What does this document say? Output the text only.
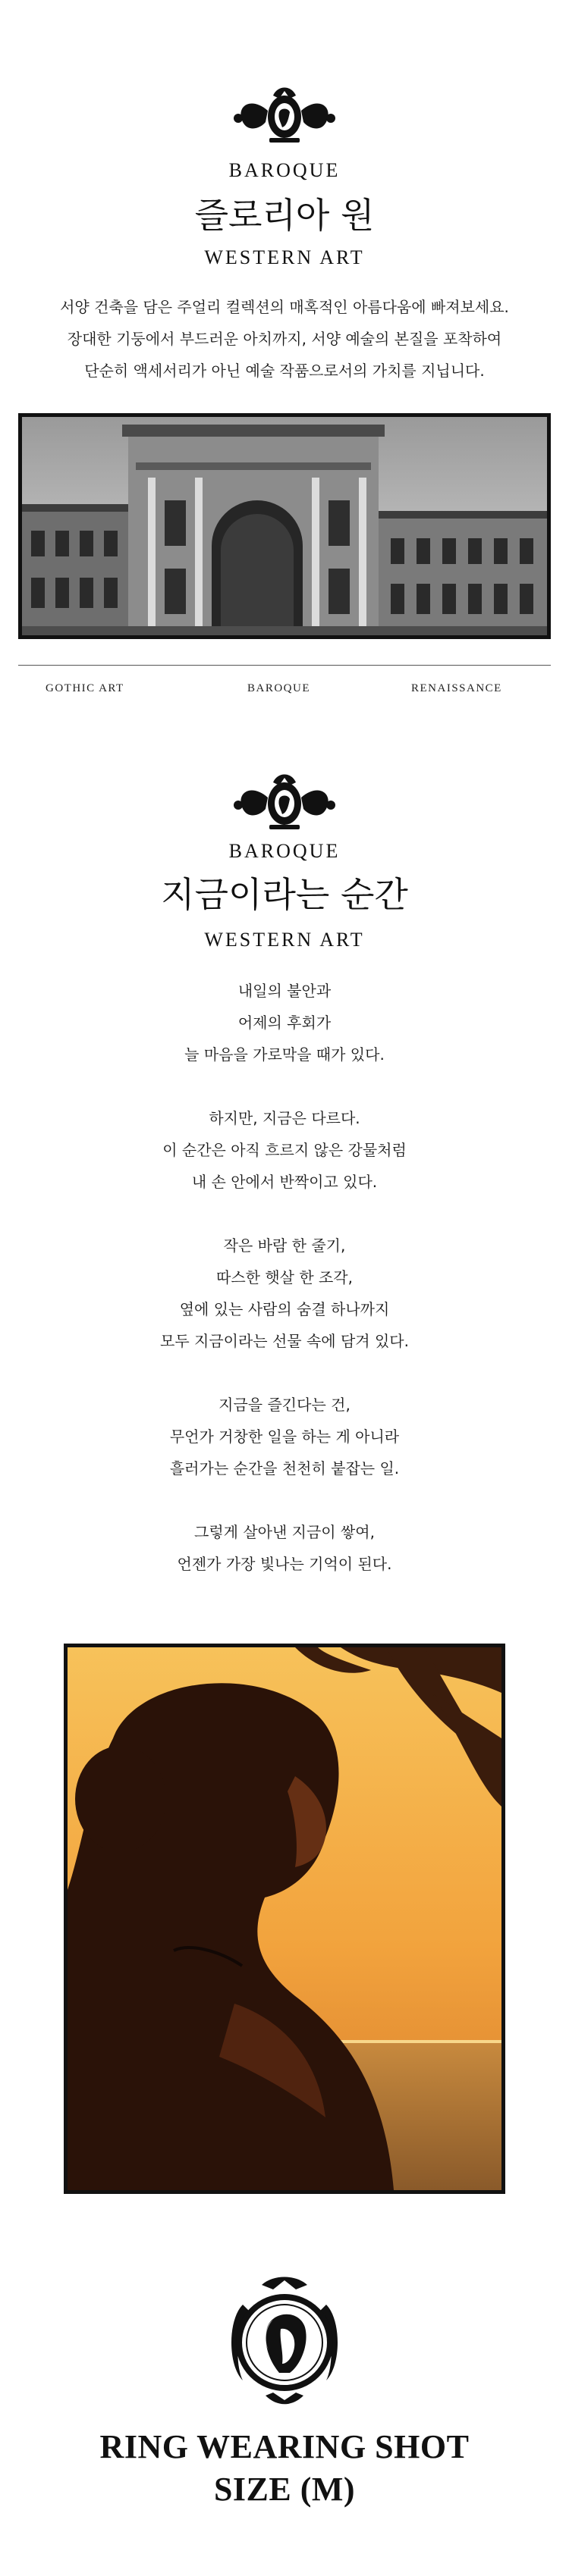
BAROQUE
즐로리아 원
WESTERN ART
서양 건축을 담은 주얼리 컬렉션의 매혹적인 아름다움에 빠져보세요.
장대한 기둥에서 부드러운 아치까지, 서양 예술의 본질을 포착하여
단순히 액세서리가 아닌 예술 작품으로서의 가치를 지닙니다.
GOTHIC ART	BAROQUE	RENAISSANCE
BAROQUE
지금이라는 순간
WESTERN ART
내일의 불안과
어제의 후회가
늘 마음을 가로막을 때가 있다.
하지만, 지금은 다르다.
이 순간은 아직 흐르지 않은 강물처럼
내 손 안에서 반짝이고 있다.
작은 바람 한 줄기,
따스한 햇살 한 조각,
옆에 있는 사람의 숨결 하나까지
모두 지금이라는 선물 속에 담겨 있다.
지금을 즐긴다는 건,
무언가 거창한 일을 하는 게 아니라
흘러가는 순간을 천천히 붙잡는 일.
그렇게 살아낸 지금이 쌓여,
언젠가 가장 빛나는 기억이 된다.
RING WEARING SHOT
SIZE (M)
